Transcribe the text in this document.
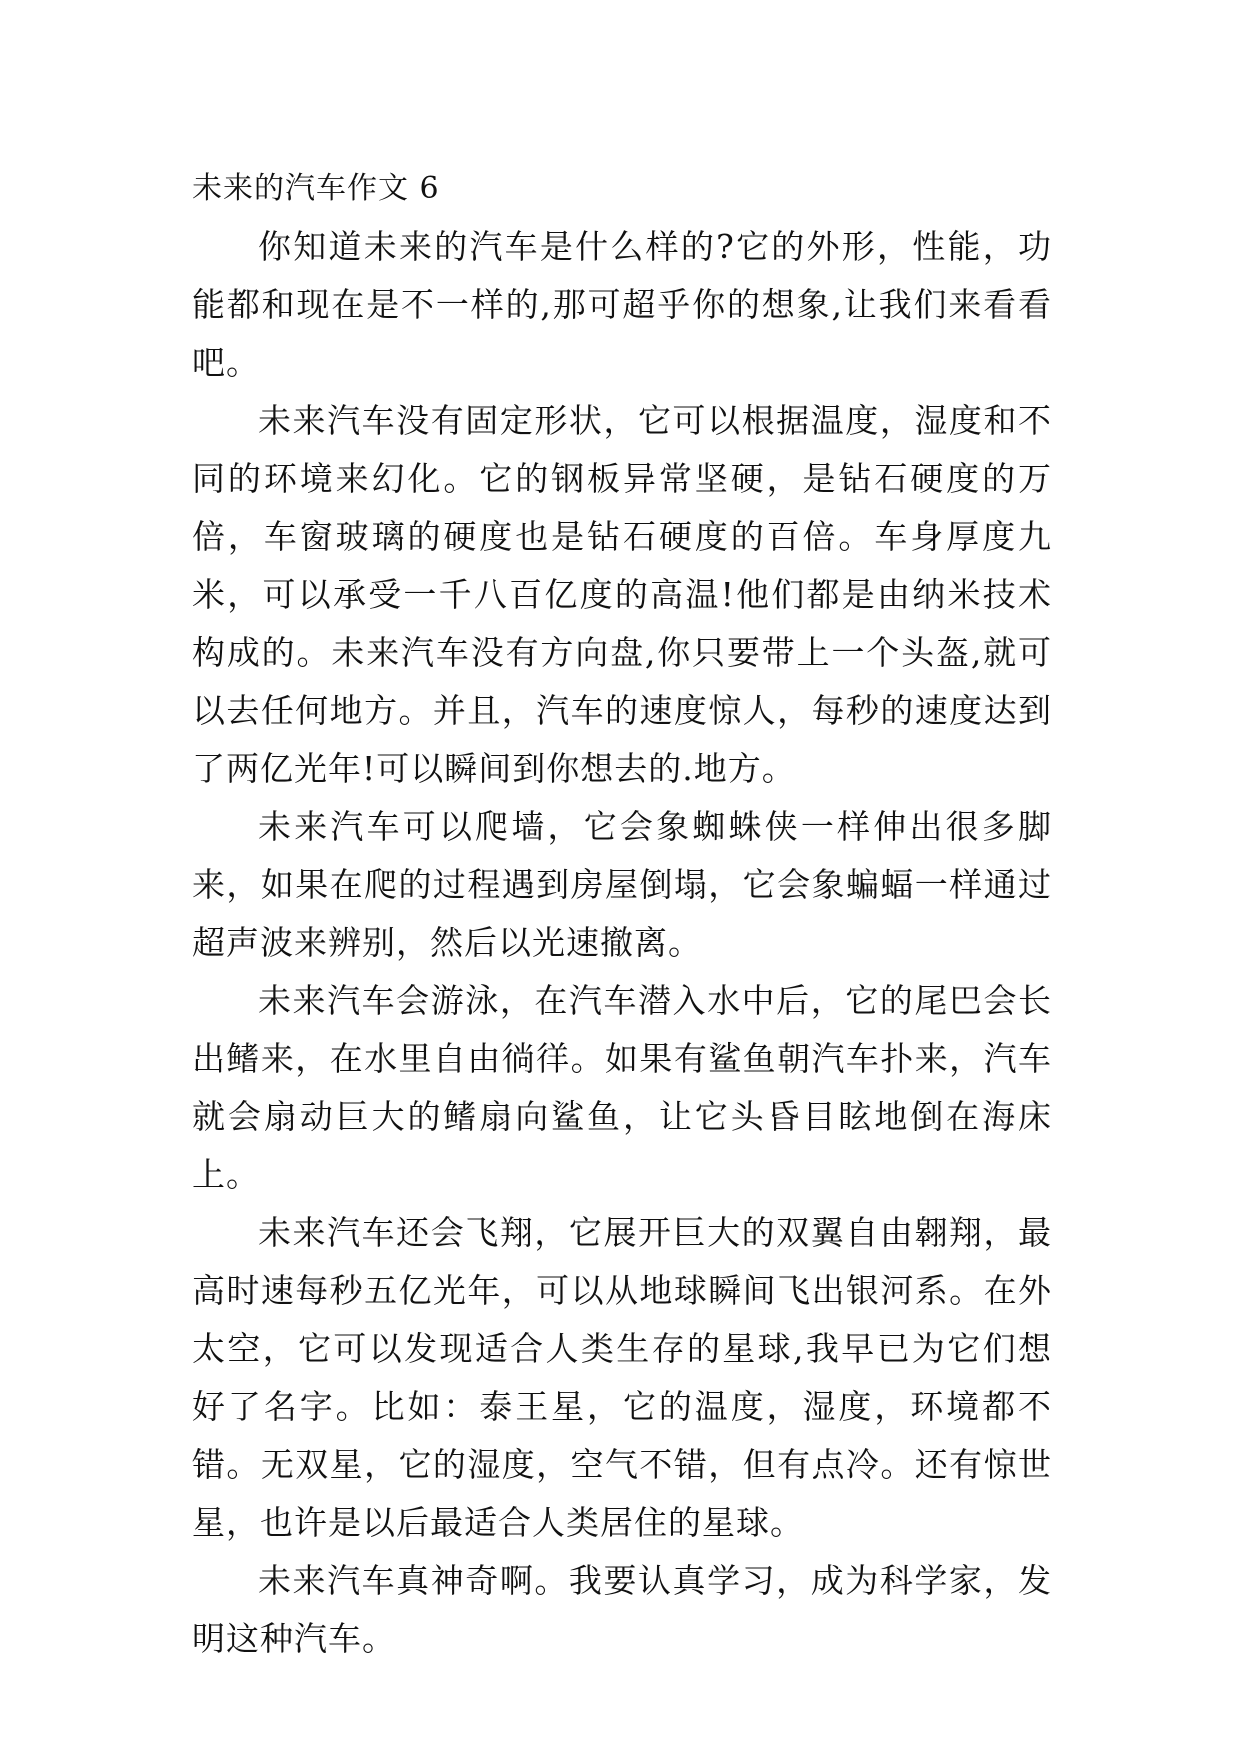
未来的汽车作文 6

你知道未来的汽车是什么样的?它的外形，性能，功能都和现在是不一样的,那可超乎你的想象,让我们来看看吧。

未来汽车没有固定形状，它可以根据温度，湿度和不同的环境来幻化。它的钢板异常坚硬，是钻石硬度的万倍，车窗玻璃的硬度也是钻石硬度的百倍。车身厚度九米，可以承受一千八百亿度的高温!他们都是由纳米技术构成的。未来汽车没有方向盘,你只要带上一个头盔,就可以去任何地方。并且，汽车的速度惊人，每秒的速度达到了两亿光年!可以瞬间到你想去的.地方。

未来汽车可以爬墙，它会象蜘蛛侠一样伸出很多脚来，如果在爬的过程遇到房屋倒塌，它会象蝙蝠一样通过超声波来辨别，然后以光速撤离。

未来汽车会游泳，在汽车潜入水中后，它的尾巴会长出鳍来，在水里自由徜徉。如果有鲨鱼朝汽车扑来，汽车就会扇动巨大的鳍扇向鲨鱼，让它头昏目眩地倒在海床上。

未来汽车还会飞翔，它展开巨大的双翼自由翱翔，最高时速每秒五亿光年，可以从地球瞬间飞出银河系。在外太空，它可以发现适合人类生存的星球,我早已为它们想好了名字。比如：泰王星，它的温度，湿度，环境都不错。无双星，它的湿度，空气不错，但有点冷。还有惊世星，也许是以后最适合人类居住的星球。

未来汽车真神奇啊。我要认真学习，成为科学家，发明这种汽车。
